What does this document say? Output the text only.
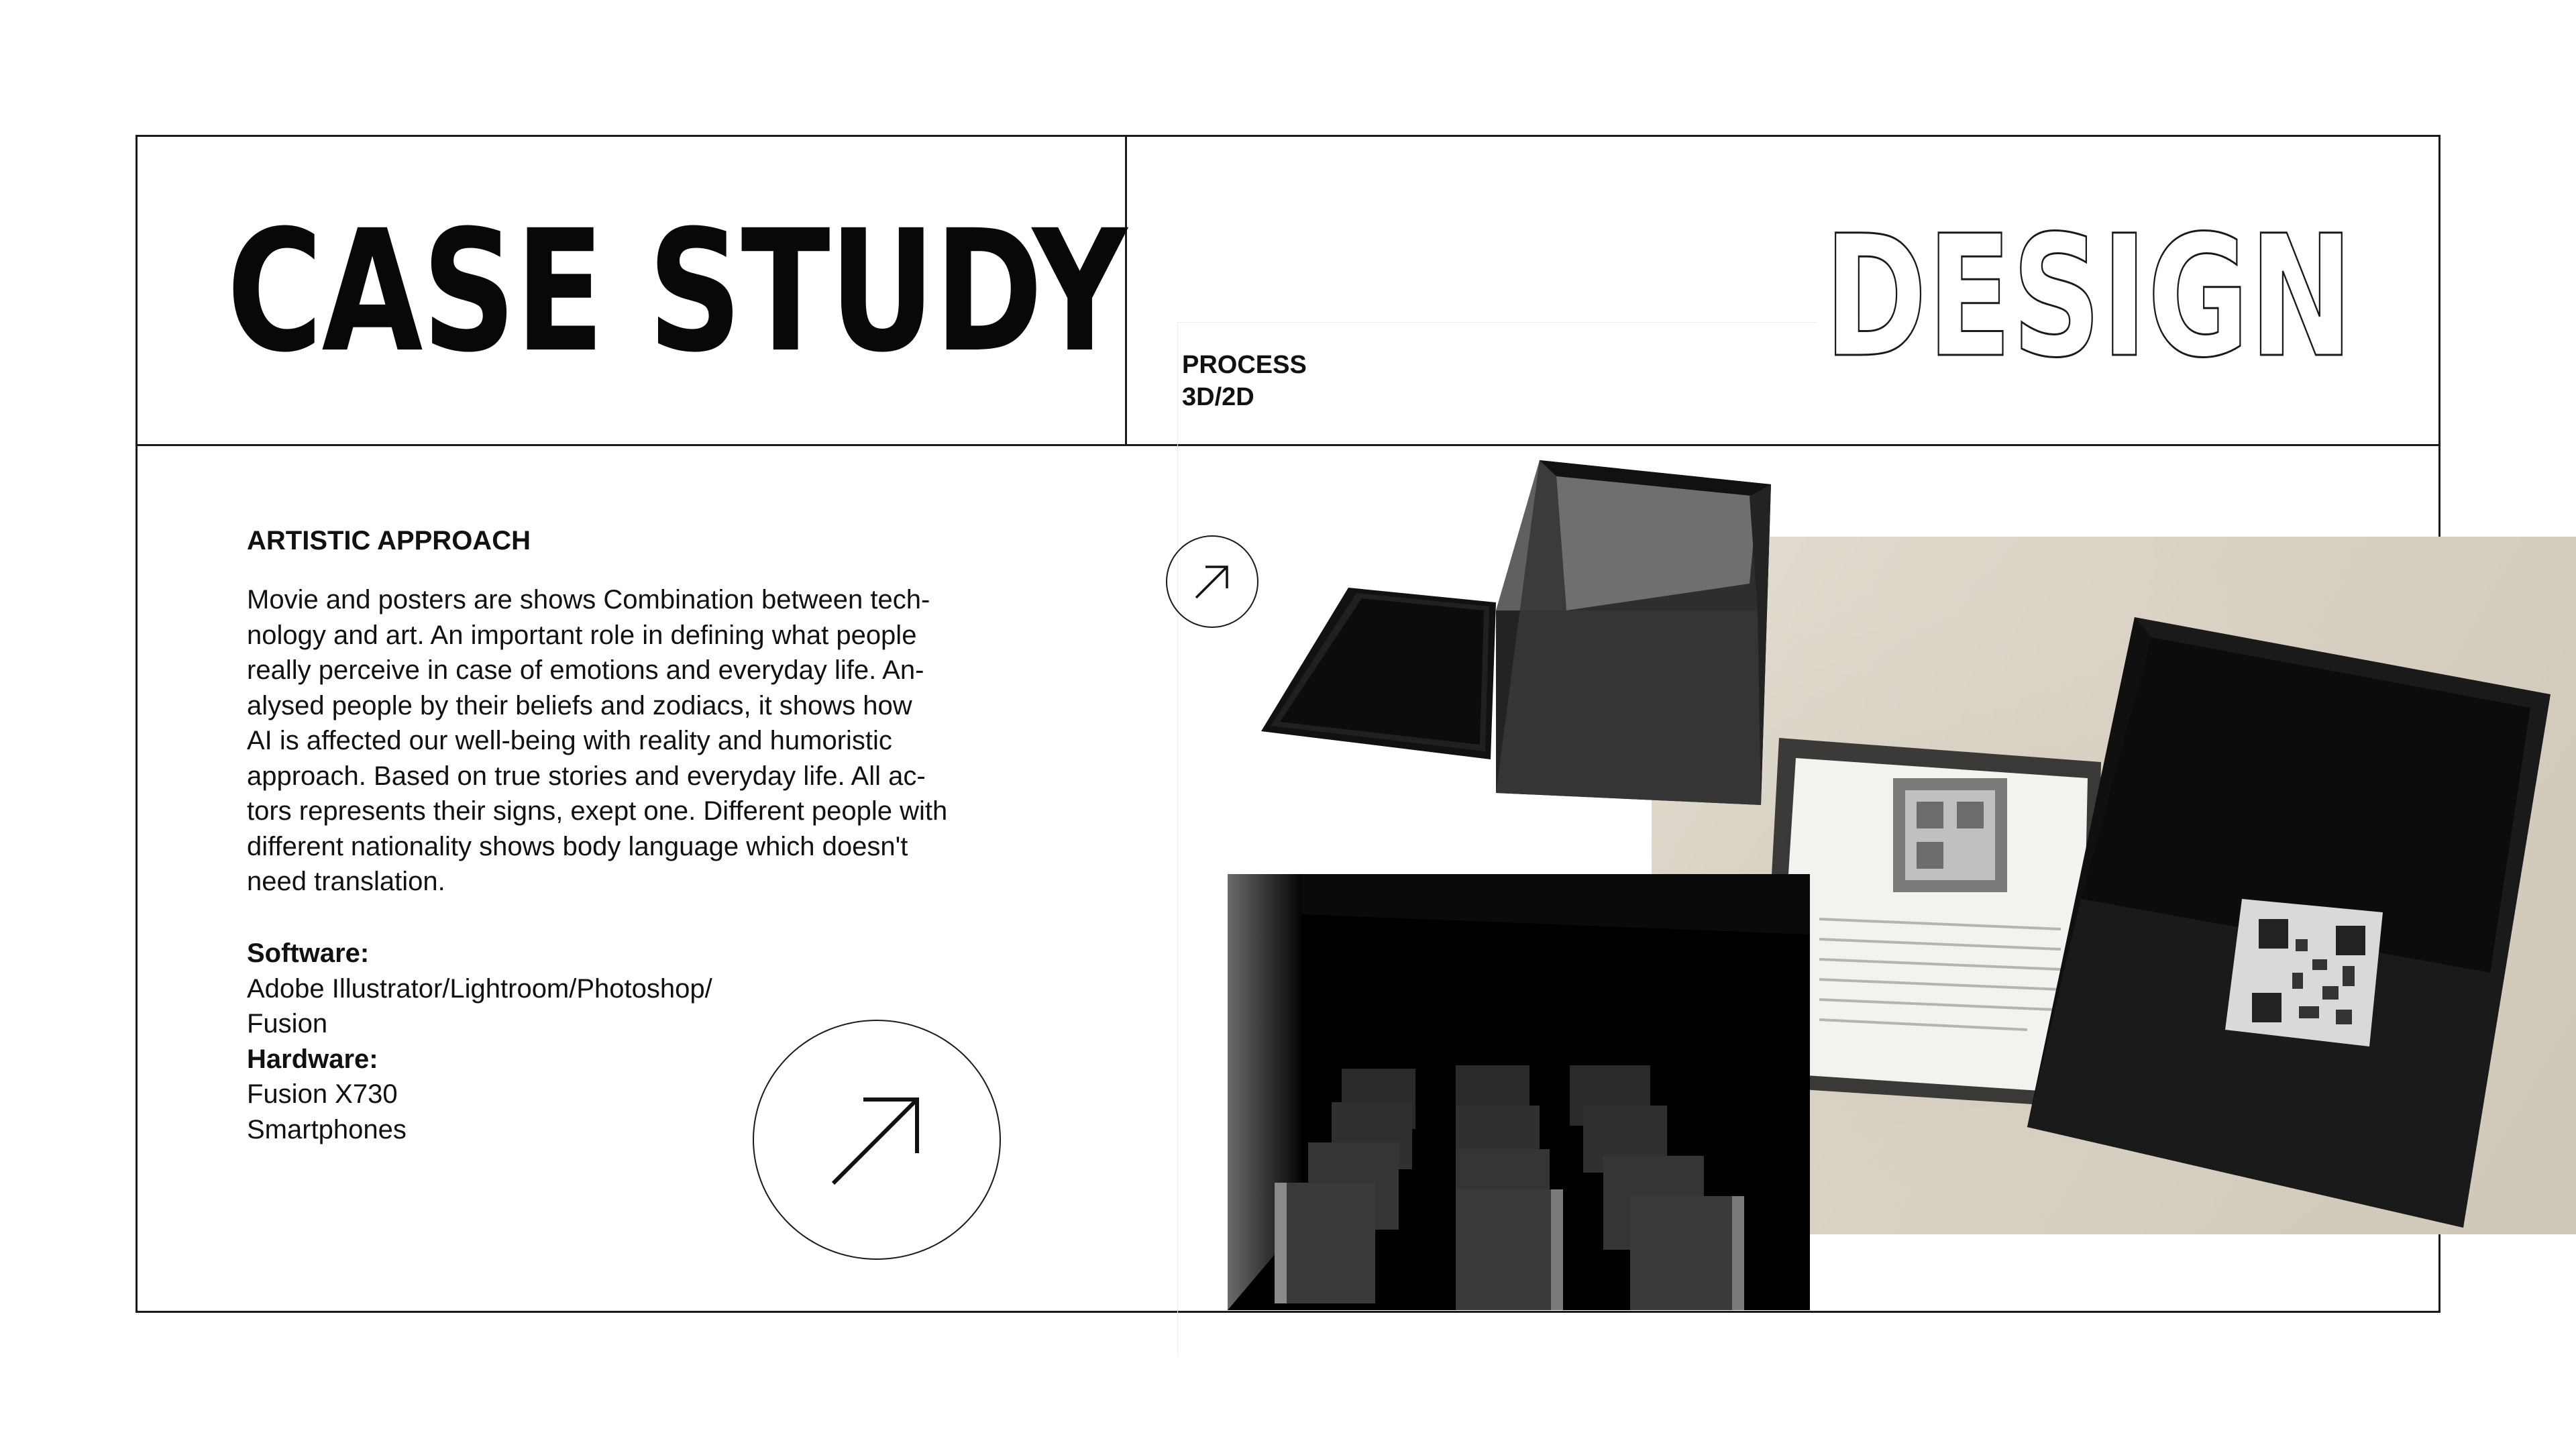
CASE STUDY	DESIGN
PROCESS
3D/2D
ARTISTIC APPROACH
Movie and posters are shows Combination between tech-
nology and art. An important role in defining what people
really perceive in case of emotions and everyday life. An-
alysed people by their beliefs and zodiacs, it shows how
AI is affected our well-being with reality and humoristic
approach. Based on true stories and everyday life. All ac-
tors represents their signs, exept one. Different people with
different nationality shows body language which doesn't
need translation.
Software:
Adobe Illustrator/Lightroom/Photoshop/
Fusion
Hardware:
Fusion X730
Smartphones
